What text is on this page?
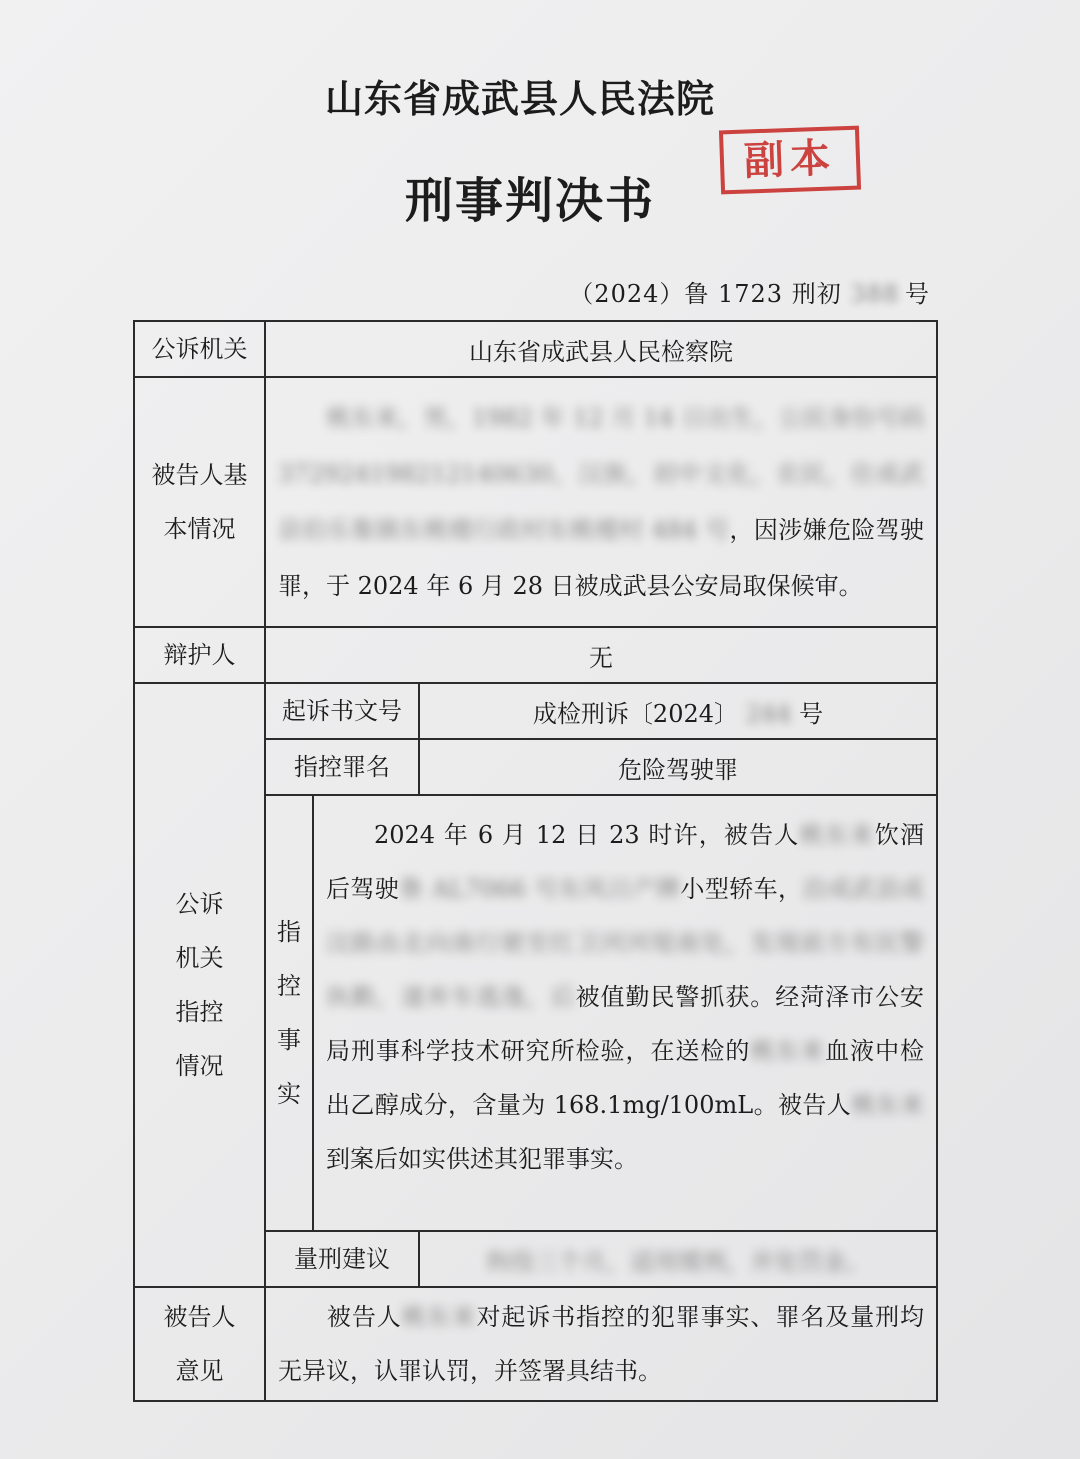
山东省成武县人民法院
刑事判决书
副本
（2024）鲁 1723 刑初 388 号
公诉机关	山东省成武县人民检察院		

被告人基
本情况	桃东来，男，1982 年 12 月 14 日出生，公民身份号码 372924198212140630，汉族，初中文化，农民，住成武县伯乐集镇东桃楼行政村东桃楼村 484 号，因涉嫌危险驾驶罪，于 2024 年 6 月 28 日被成武县公安局取保候审。		
辩护人	无		

公诉
机关
指控
情况	起诉书文号		成检刑诉〔2024〕 244 号
	指控罪名		危险驾驶罪

	指
控
事
实	2024 年 6 月 12 日 23 时许，被告人桃东来饮酒后驾驶鲁 AL7066 号东风日产牌小型轿车，沿成武县成汶路由北向南行驶至红卫河河堤南处，发现前方有民警执勤，遂弃车逃逸，后被值勤民警抓获。经菏泽市公安局刑事科学技术研究所检验，在送检的桃东来血液中检出乙醇成分，含量为 168.1mg/100mL。被告人桃东来到案后如实供述其犯罪事实。	
	量刑建议		拘役三个月，适用缓刑，并处罚金。

被告人
意见	被告人桃东来对起诉书指控的犯罪事实、罪名及量刑均无异议，认罪认罚，并签署具结书。		
